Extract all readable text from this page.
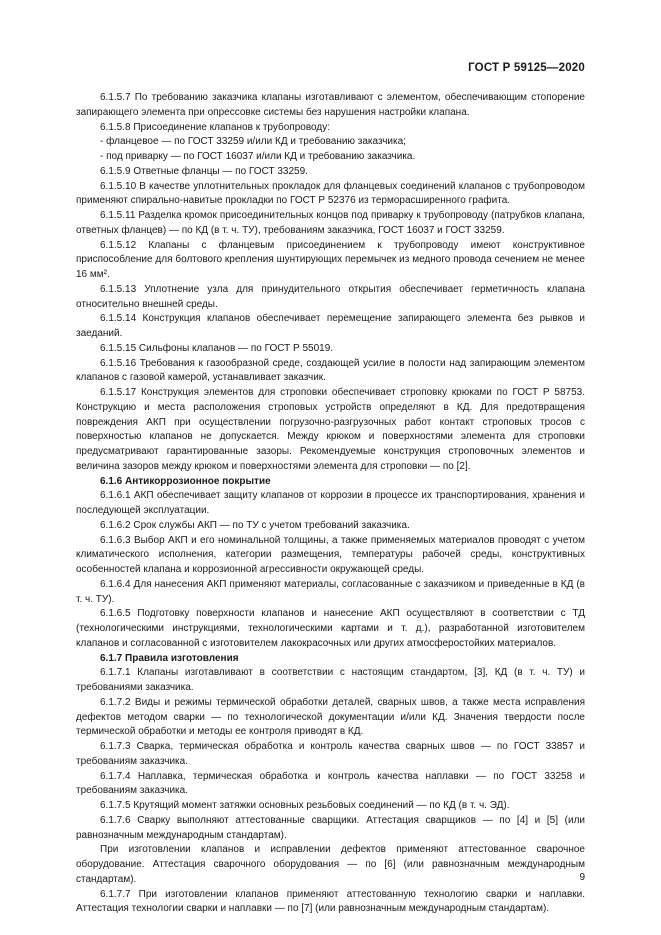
ГОСТ Р 59125—2020

6.1.5.7 По требованию заказчика клапаны изготавливают с элементом, обеспечивающим стопорение запирающего элемента при опрессовке системы без нарушения настройки клапана.

6.1.5.8 Присоединение клапанов к трубопроводу:

- фланцевое — по ГОСТ 33259 и/или КД и требованию заказчика;

- под приварку — по ГОСТ 16037 и/или КД и требованию заказчика.

6.1.5.9 Ответные фланцы — по ГОСТ 33259.

6.1.5.10 В качестве уплотнительных прокладок для фланцевых соединений клапанов с трубопроводом применяют спирально-навитые прокладки по ГОСТ Р 52376 из терморасширенного графита.

6.1.5.11 Разделка кромок присоединительных концов под приварку к трубопроводу (патрубков клапана, ответных фланцев) — по КД (в т. ч. ТУ), требованиям заказчика, ГОСТ 16037 и ГОСТ 33259.

6.1.5.12 Клапаны с фланцевым присоединением к трубопроводу имеют конструктивное приспособление для болтового крепления шунтирующих перемычек из медного провода сечением не менее 16 мм².

6.1.5.13 Уплотнение узла для принудительного открытия обеспечивает герметичность клапана относительно внешней среды.

6.1.5.14 Конструкция клапанов обеспечивает перемещение запирающего элемента без рывков и заеданий.

6.1.5.15 Сильфоны клапанов — по ГОСТ Р 55019.

6.1.5.16 Требования к газообразной среде, создающей усилие в полости над запирающим элементом клапанов с газовой камерой, устанавливает заказчик.

6.1.5.17 Конструкция элементов для строповки обеспечивает строповку крюками по ГОСТ Р 58753. Конструкцию и места расположения строповых устройств определяют в КД. Для предотвращения повреждения АКП при осуществлении погрузочно-разгрузочных работ контакт строповых тросов с поверхностью клапанов не допускается. Между крюком и поверхностями элемента для строповки предусматривают гарантированные зазоры. Рекомендуемые конструкция строповочных элементов и величина зазоров между крюком и поверхностями элемента для строповки — по [2].

6.1.6 Антикоррозионное покрытие

6.1.6.1 АКП обеспечивает защиту клапанов от коррозии в процессе их транспортирования, хранения и последующей эксплуатации.

6.1.6.2 Срок службы АКП — по ТУ с учетом требований заказчика.

6.1.6.3 Выбор АКП и его номинальной толщины, а также применяемых материалов проводят с учетом климатического исполнения, категории размещения, температуры рабочей среды, конструктивных особенностей клапана и коррозионной агрессивности окружающей среды.

6.1.6.4 Для нанесения АКП применяют материалы, согласованные с заказчиком и приведенные в КД (в т. ч. ТУ).

6.1.6.5 Подготовку поверхности клапанов и нанесение АКП осуществляют в соответствии с ТД (технологическими инструкциями, технологическими картами и т. д.), разработанной изготовителем клапанов и согласованной с изготовителем лакокрасочных или других атмосферостойких материалов.

6.1.7 Правила изготовления

6.1.7.1 Клапаны изготавливают в соответствии с настоящим стандартом, [3], КД (в т. ч. ТУ) и требованиями заказчика.

6.1.7.2 Виды и режимы термической обработки деталей, сварных швов, а также места исправления дефектов методом сварки — по технологической документации и/или КД. Значения твердости после термической обработки и методы ее контроля приводят в КД.

6.1.7.3 Сварка, термическая обработка и контроль качества сварных швов — по ГОСТ 33857 и требованиям заказчика.

6.1.7.4 Наплавка, термическая обработка и контроль качества наплавки — по ГОСТ 33258 и требованиям заказчика.

6.1.7.5 Крутящий момент затяжки основных резьбовых соединений — по КД (в т. ч. ЭД).

6.1.7.6 Сварку выполняют аттестованные сварщики. Аттестация сварщиков — по [4] и [5] (или равнозначным международным стандартам).

При изготовлении клапанов и исправлении дефектов применяют аттестованное сварочное оборудование. Аттестация сварочного оборудования — по [6] (или равнозначным международным стандартам).

6.1.7.7 При изготовлении клапанов применяют аттестованную технологию сварки и наплавки. Аттестация технологии сварки и наплавки — по [7] (или равнозначным международным стандартам).

9
